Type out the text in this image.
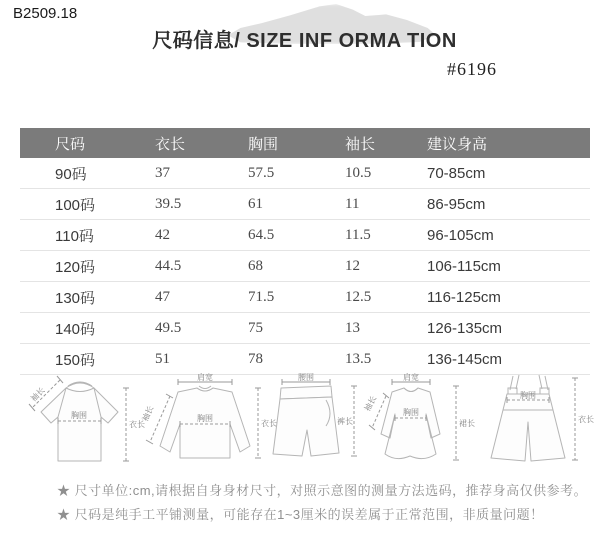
B2509.18
尺码信息/ SIZE INF ORMA TION
#6196
尺码	衣长	胸围	袖长	建议身高
90码	37	57.5	10.5	70-85cm
100码	39.5	61	11	86-95cm
110码	42	64.5	11.5	96-105cm
120码	44.5	68	12	106-115cm
130码	47	71.5	12.5	116-125cm
140码	49.5	75	13	126-135cm
150码	51	78	13.5	136-145cm
袖长
胸围
衣长
肩宽
袖长	胸围
衣长
腰围
裤长
肩宽
袖长	胸围
裙长
胸围
衣长
★ 尺寸单位:cm,请根据自身身材尺寸，对照示意图的测量方法选码，推荐身高仅供参考。
★ 尺码是纯手工平铺测量，可能存在1~3厘米的误差属于正常范围，非质量问题！
